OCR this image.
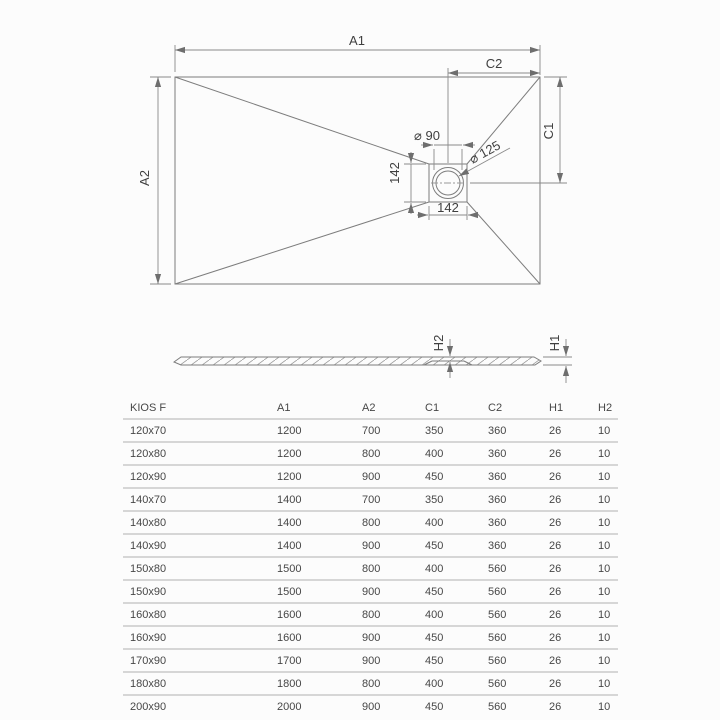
A1
A2
C2
C1
⌀ 90
142
142
⌀ 125
H2	H1
KIOS F	A1	A2	C1	C2	H1	H2
120x70	1200	700	350	360	26	10
120x80	1200	800	400	360	26	10
120x90	1200	900	450	360	26	10
140x70	1400	700	350	360	26	10
140x80	1400	800	400	360	26	10
140x90	1400	900	450	360	26	10
150x80	1500	800	400	560	26	10
150x90	1500	900	450	560	26	10
160x80	1600	800	400	560	26	10
160x90	1600	900	450	560	26	10
170x90	1700	900	450	560	26	10
180x80	1800	800	400	560	26	10
200x90	2000	900	450	560	26	10
